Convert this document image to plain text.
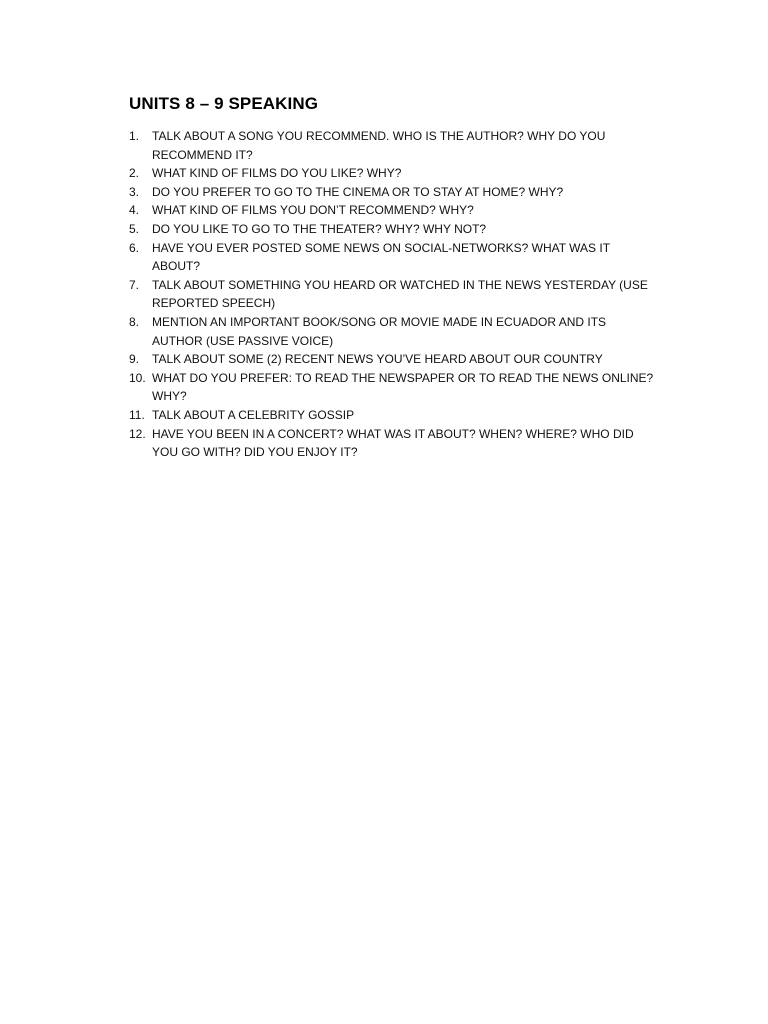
UNITS 8 – 9 SPEAKING
1.	TALK ABOUT A SONG YOU RECOMMEND. WHO IS THE AUTHOR? WHY DO YOU RECOMMEND IT?
2.	WHAT KIND OF FILMS DO YOU LIKE? WHY?
3.	DO YOU PREFER TO GO TO THE CINEMA OR TO STAY AT HOME? WHY?
4.	WHAT KIND OF FILMS YOU DON’T RECOMMEND? WHY?
5.	DO YOU LIKE TO GO TO THE THEATER? WHY? WHY NOT?
6.	HAVE YOU EVER POSTED SOME NEWS ON SOCIAL-NETWORKS? WHAT WAS IT ABOUT?
7.	TALK ABOUT SOMETHING YOU HEARD OR WATCHED IN THE NEWS YESTERDAY (USE REPORTED SPEECH)
8.	MENTION AN IMPORTANT BOOK/SONG OR MOVIE MADE IN ECUADOR AND ITS AUTHOR (USE PASSIVE VOICE)
9.	TALK ABOUT SOME (2) RECENT NEWS YOU’VE HEARD ABOUT OUR COUNTRY
10. WHAT DO YOU PREFER: TO READ THE NEWSPAPER OR TO READ THE NEWS ONLINE? WHY?
11. TALK ABOUT A CELEBRITY GOSSIP
12. HAVE YOU BEEN IN A CONCERT? WHAT WAS IT ABOUT? WHEN? WHERE? WHO DID YOU GO WITH? DID YOU ENJOY IT?
